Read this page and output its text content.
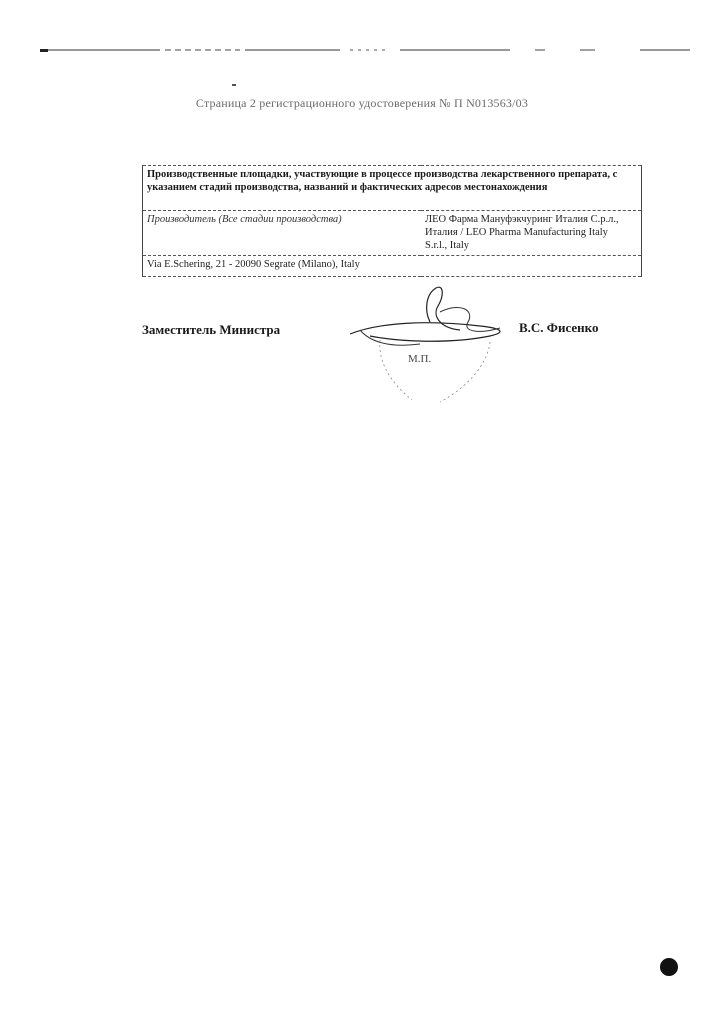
Страница 2 регистрационного удостоверения № П N013563/03
Производственные площадки, участвующие в процессе производства лекарственного препарата, с указанием стадий производства, названий и фактических адресов местонахождения
Производитель (Все стадии производства)	ЛЕО Фарма Мануфэкчуринг Италия С.р.л.,
Италия / LEO Pharma Manufacturing Italy
S.r.l., Italy

Via E.Schering, 21 - 20090 Segrate (Milano), Italy
Заместитель Министра	В.С. Фисенко
М.П.
